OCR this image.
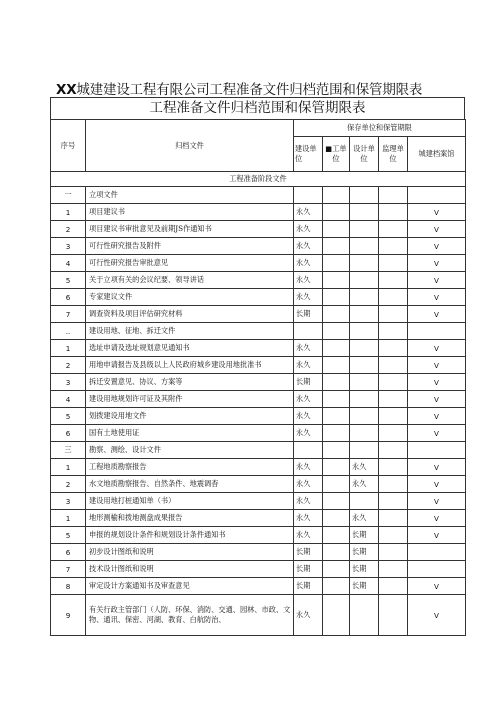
XX城建建设工程有限公司工程准备文件归档范围和保管期限表
工程准备文件归档范围和保管期限表
序号	归档文件	保存单位和保管期限				
		建设单位	■工单位	设计单位	监理单位	城建档案馆
工程准备阶段文件						
一	立项文件					
1	项目建议书	永久				V
2	项目建议书审批意见及前期JS作通知书	永久				V
3	可行性研究报告及附件	永久				V
4	可行性研究报告审批意见	永久				V
5	关于立项有关的会议纪要、领导讲话	永久				V
6	专家建议文件	永久				V
7	调查资料及项目评估研究材料	长期				V
..	建设用地、征地、拆迁文件					
1	选址申请及选址规划意见通知书	永久				V
2	用地申请报告及县级以上人民政府城乡建设用地批准书	永久				V
3	拆迁安置意见、协议、方案等	长期				V
4	建设用地规划许可证及其附件	永久				V
5	划拨建设用地文件	永久				V
6	国有土地使用证	永久				V
三	勘察、测绘、设计文件					
1	工程地质勘察报告	永久		永久		V
2	水文地质勘察报告、自然条件、地震调杳	永久		永久		V
3	建设用地打桩通知单（书）	永久				V
1	地形测榆和拨地测盘成果报告	永久		永久		V
5	申报的规划设计条件和规划设计条件通知书	永久		长期		V
6	初步设计图纸和说明	长期		长期		
7	技术设计图纸和说明	长期		长期		
8	审定设计方案通知书及审查意见	长期		长期		V
9	有关行政主管部门（人防、环保、消防、交通、园林、市政、文物、通讯、保密、河湖、教育、白航防治、	永久				V
